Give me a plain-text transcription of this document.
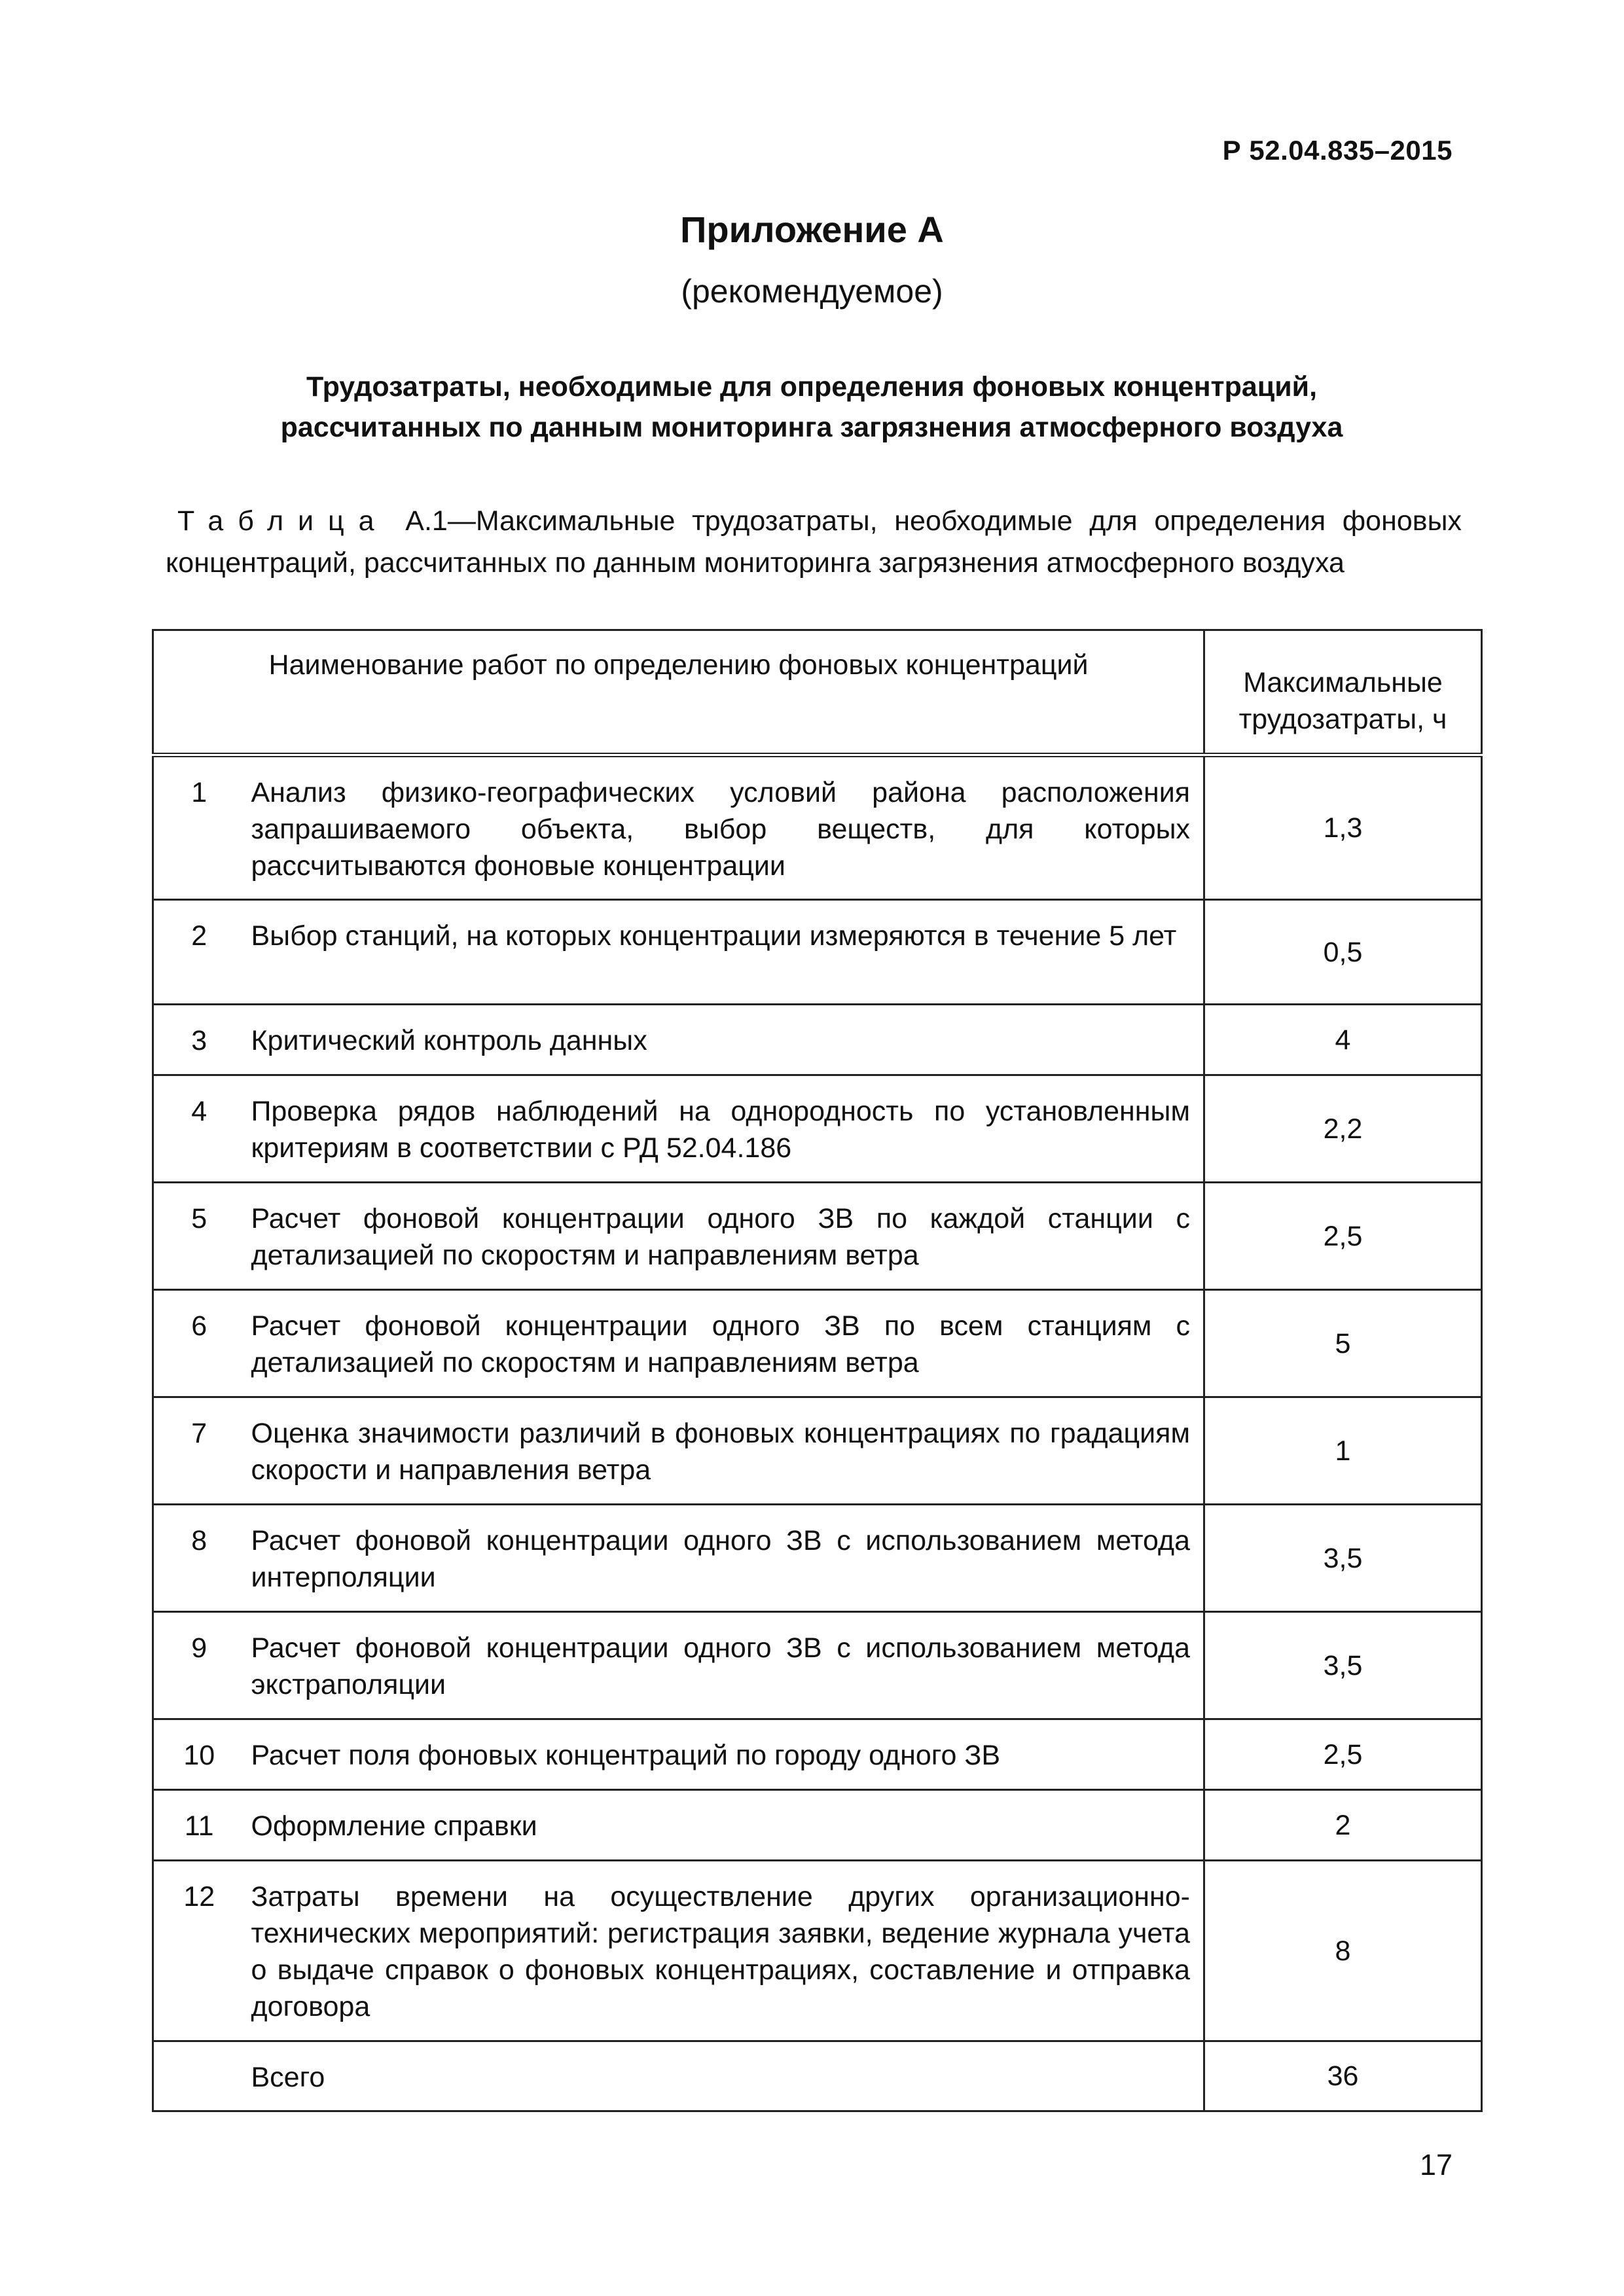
Р 52.04.835–2015
Приложение А
(рекомендуемое)
Трудозатраты, необходимые для определения фоновых концентраций,
рассчитанных по данным мониторинга загрязнения атмосферного воздуха
Таблица А.1—Максимальные трудозатраты, необходимые для определения фоновых концентраций, рассчитанных по данным мониторинга загрязнения атмосферного воздуха
Наименование работ по определению фоновых концентраций		Максимальные трудозатраты, ч
1	Анализ физико-географических условий района расположения запрашиваемого объекта, выбор веществ, для которых рассчитываются фоновые концентрации	1,3
2	Выбор станций, на которых концентрации измеряются в течение 5 лет	0,5
3	Критический контроль данных	4
4	Проверка рядов наблюдений на однородность по установленным критериям в соответствии с РД 52.04.186	2,2
5	Расчет фоновой концентрации одного ЗВ по каждой станции с детализацией по скоростям и направлениям ветра	2,5
6	Расчет фоновой концентрации одного ЗВ по всем станциям с детализацией по скоростям и направлениям ветра	5
7	Оценка значимости различий в фоновых концентрациях по градациям скорости и направления ветра	1
8	Расчет фоновой концентрации одного ЗВ с использованием метода интерполяции	3,5
9	Расчет фоновой концентрации одного ЗВ с использованием метода экстраполяции	3,5
10	Расчет поля фоновых концентраций по городу одного ЗВ	2,5
11	Оформление справки	2
12	Затраты времени на осуществление других организационно-технических мероприятий: регистрация заявки, ведение журнала учета о выдаче справок о фоновых концентрациях, составление и отправка договора	8
	Всего	36
17
